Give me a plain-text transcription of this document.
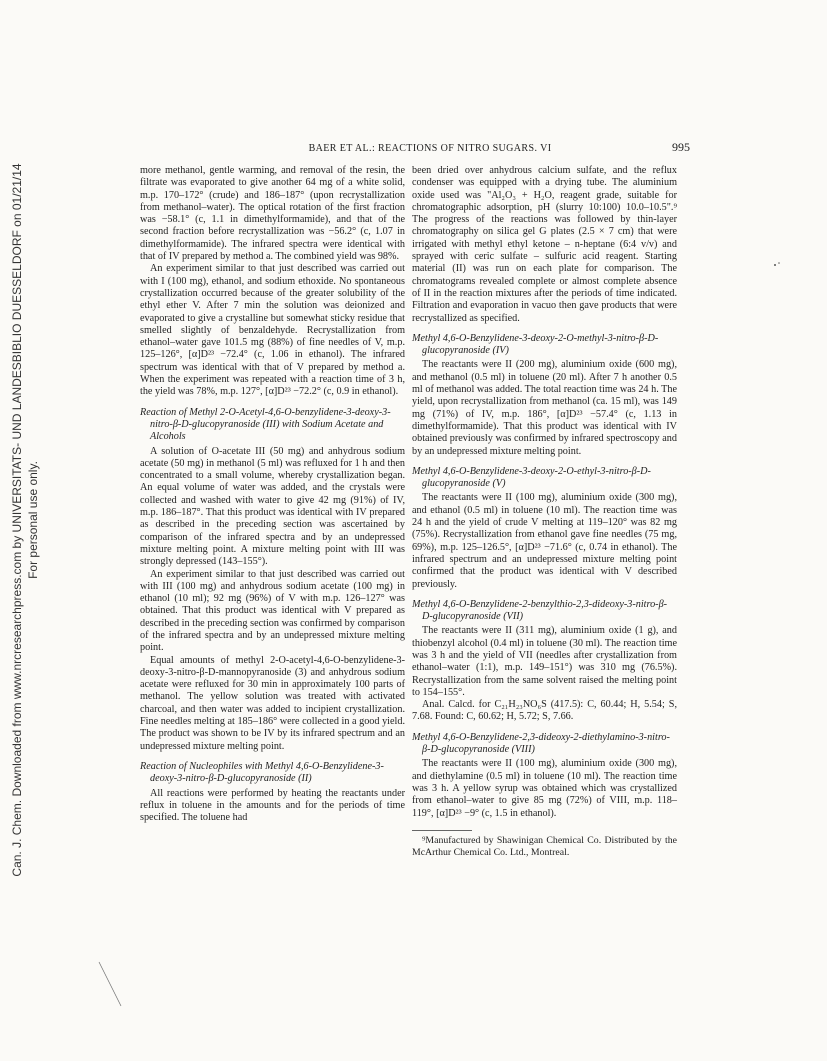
Can. J. Chem. Downloaded from www.nrcresearchpress.com by UNIVERSITATS- UND LANDESBIBLIO DUESSELDORF on 01/21/14 For personal use only.
BAER ET AL.: REACTIONS OF NITRO SUGARS. VI	995

more methanol, gentle warming, and removal of the resin, the filtrate was evaporated to give another 64 mg of a white solid, m.p. 170–172° (crude) and 186–187° (upon recrystallization from methanol–water). The optical rotation of the first fraction was −58.1° (c, 1.1 in dimethylformamide), and that of the second fraction before recrystallization was −56.2° (c, 1.07 in dimethylformamide). The infrared spectra were identical with that of IV prepared by method a. The combined yield was 98%.

An experiment similar to that just described was carried out with I (100 mg), ethanol, and sodium ethoxide. No spontaneous crystallization occurred because of the greater solubility of the ethyl ether V. After 7 min the solution was deionized and evaporated to give a crystalline but somewhat sticky residue that smelled slightly of benzaldehyde. Recrystallization from ethanol–water gave 101.5 mg (88%) of fine needles of V, m.p. 125–126°, [α]D²³ −72.4° (c, 1.06 in ethanol). The infrared spectrum was identical with that of V prepared by method a. When the experiment was repeated with a reaction time of 3 h, the yield was 78%, m.p. 127°, [α]D²³ −72.2° (c, 0.9 in ethanol).

Reaction of Methyl 2-O-Acetyl-4,6-O-benzylidene-3-deoxy-3-nitro-β-D-glucopyranoside (III) with Sodium Acetate and Alcohols

A solution of O-acetate III (50 mg) and anhydrous sodium acetate (50 mg) in methanol (5 ml) was refluxed for 1 h and then concentrated to a small volume, whereby crystallization began. An equal volume of water was added, and the crystals were collected and washed with water to give 42 mg (91%) of IV, m.p. 186–187°. That this product was identical with IV prepared as described in the preceding section was ascertained by comparison of the infrared spectra and by an undepressed mixture melting point. A mixture melting point with III was strongly depressed (143–155°).

An experiment similar to that just described was carried out with III (100 mg) and anhydrous sodium acetate (100 mg) in ethanol (10 ml); 92 mg (96%) of V with m.p. 126–127° was obtained. That this product was identical with V prepared as described in the preceding section was confirmed by comparison of the infrared spectra and by an undepressed mixture melting point.

Equal amounts of methyl 2-O-acetyl-4,6-O-benzylidene-3-deoxy-3-nitro-β-D-mannopyranoside (3) and anhydrous sodium acetate were refluxed for 30 min in approximately 100 parts of methanol. The yellow solution was treated with activated charcoal, and then water was added to incipient crystallization. Fine needles melting at 185–186° were collected in a good yield. The product was shown to be IV by its infrared spectrum and an undepressed mixture melting point.

Reaction of Nucleophiles with Methyl 4,6-O-Benzylidene-3-deoxy-3-nitro-β-D-glucopyranoside (II)

All reactions were performed by heating the reactants under reflux in toluene in the amounts and for the periods of time specified. The toluene had

been dried over anhydrous calcium sulfate, and the reflux condenser was equipped with a drying tube. The aluminium oxide used was "Al₂O₃ + H₂O, reagent grade, suitable for chromatographic adsorption, pH (slurry 10:100) 10.0–10.5".⁹ The progress of the reactions was followed by thin-layer chromatography on silica gel G plates (2.5 × 7 cm) that were irrigated with methyl ethyl ketone – n-heptane (6:4 v/v) and sprayed with ceric sulfate – sulfuric acid reagent. Starting material (II) was run on each plate for comparison. The chromatograms revealed complete or almost complete absence of II in the reaction mixtures after the periods of time indicated. Filtration and evaporation in vacuo then gave products that were recrystallized as specified.

Methyl 4,6-O-Benzylidene-3-deoxy-2-O-methyl-3-nitro-β-D-glucopyranoside (IV)

The reactants were II (200 mg), aluminium oxide (600 mg), and methanol (0.5 ml) in toluene (20 ml). After 7 h another 0.5 ml of methanol was added. The total reaction time was 24 h. The yield, upon recrystallization from methanol (ca. 15 ml), was 149 mg (71%) of IV, m.p. 186°, [α]D²³ −57.4° (c, 1.13 in dimethylformamide). That this product was identical with IV obtained previously was confirmed by infrared spectroscopy and by an undepressed mixture melting point.

Methyl 4,6-O-Benzylidene-3-deoxy-2-O-ethyl-3-nitro-β-D-glucopyranoside (V)

The reactants were II (100 mg), aluminium oxide (300 mg), and ethanol (0.5 ml) in toluene (10 ml). The reaction time was 24 h and the yield of crude V melting at 119–120° was 82 mg (75%). Recrystallization from ethanol gave fine needles (75 mg, 69%), m.p. 125–126.5°, [α]D²³ −71.6° (c, 0.74 in ethanol). The infrared spectrum and an undepressed mixture melting point confirmed that the product was identical with V described previously.

Methyl 4,6-O-Benzylidene-2-benzylthio-2,3-dideoxy-3-nitro-β-D-glucopyranoside (VII)

The reactants were II (311 mg), aluminium oxide (1 g), and thiobenzyl alcohol (0.4 ml) in toluene (30 ml). The reaction time was 3 h and the yield of VII (needles after crystallization from ethanol–water (1:1), m.p. 149–151°) was 310 mg (76.5%). Recrystallization from the same solvent raised the melting point to 154–155°.

Anal. Calcd. for C₂₁H₂₃NO₆S (417.5): C, 60.44; H, 5.54; S, 7.68. Found: C, 60.62; H, 5.72; S, 7.66.

Methyl 4,6-O-Benzylidene-2,3-dideoxy-2-diethylamino-3-nitro-β-D-glucopyranoside (VIII)

The reactants were II (100 mg), aluminium oxide (300 mg), and diethylamine (0.5 ml) in toluene (10 ml). The reaction time was 3 h. A yellow syrup was obtained which was crystallized from ethanol–water to give 85 mg (72%) of VIII, m.p. 118–119°, [α]D²³ −9° (c, 1.5 in ethanol).

⁹Manufactured by Shawinigan Chemical Co. Distributed by the McArthur Chemical Co. Ltd., Montreal.
